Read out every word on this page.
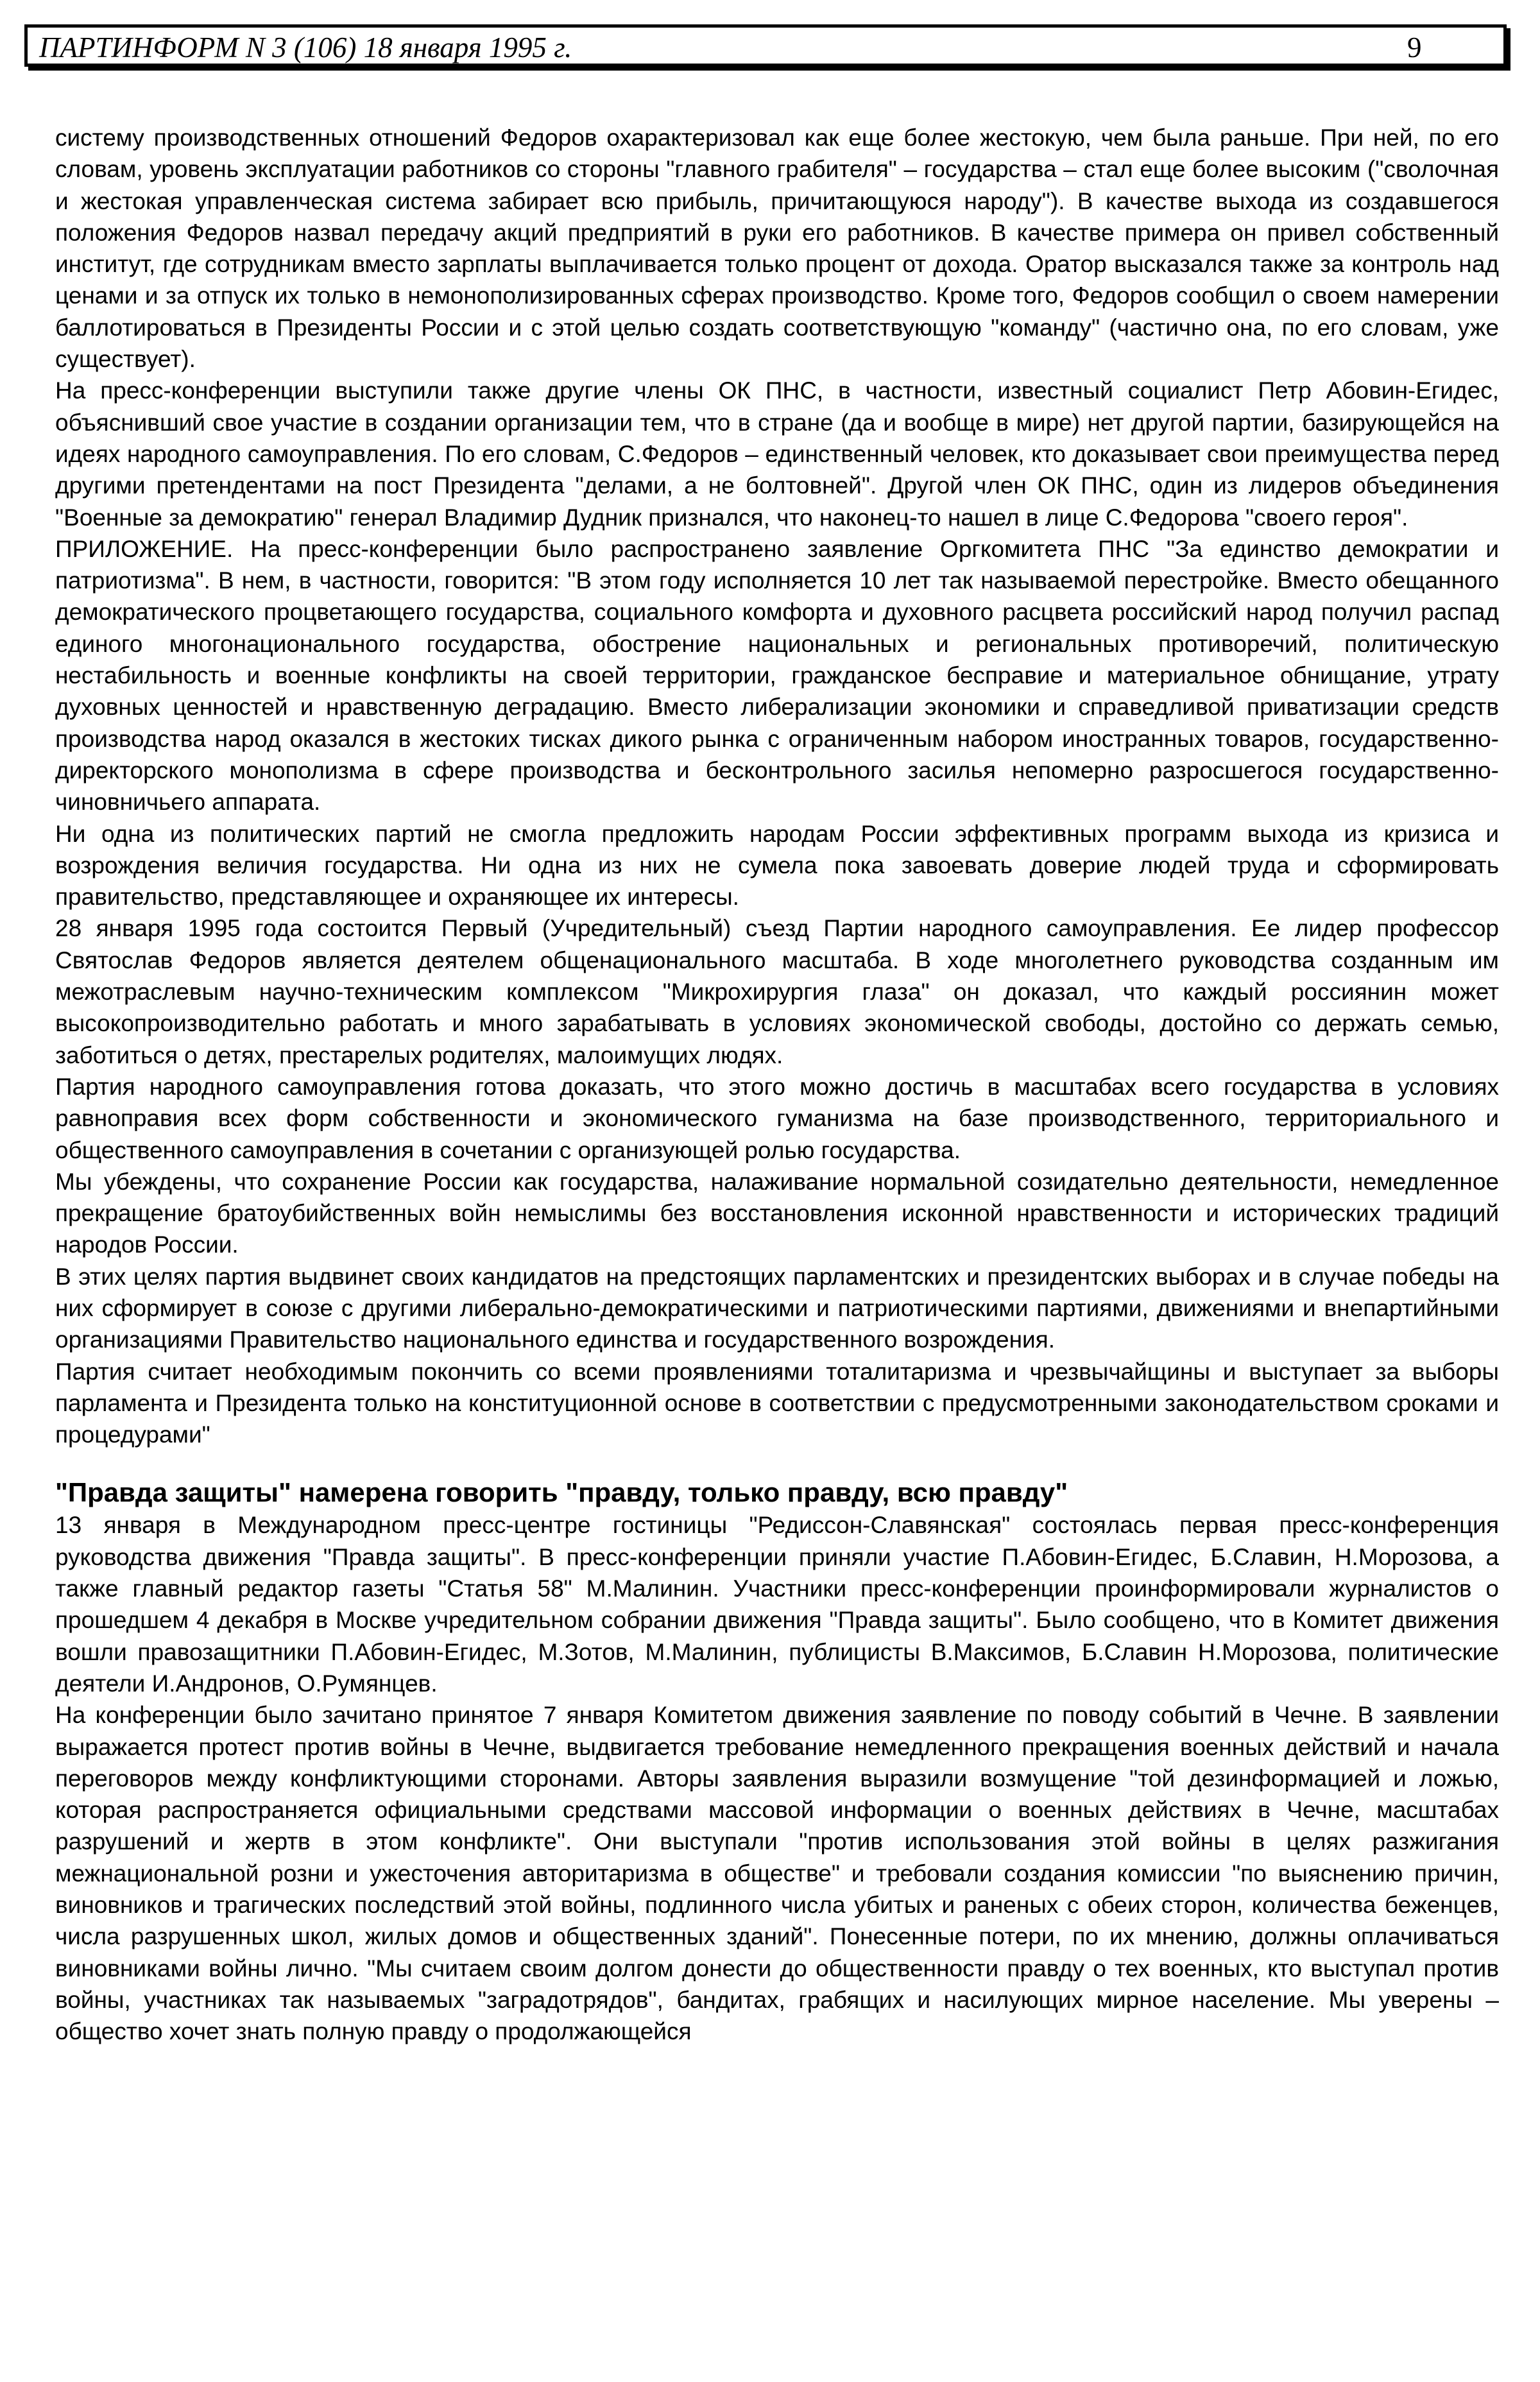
ПАРТИНФОРМ N 3 (106) 18 января 1995 г.	9

системy производственных отношений Федоров охарактеризовал как еще более жестокую, чем была раньше. При ней, по его словам, уровень эксплуатации работников со стороны "главного грабителя" – государства – стал еще более высоким ("сволочная и жестокая управленческая система забирает всю прибыль, причитающуюся народу"). В качестве выхода из создавшегося положения Федоров назвал передачу акций предприятий в руки его работников. В качестве примера он привел собственный институт, где сотрудникам вместо зарплаты выплачивается только процент от дохода. Оратор высказался также за контроль над ценами и за отпуск их только в немонополизированных сферах производство. Кроме того, Федоров сообщил о своем намерении баллотироваться в Президенты России и с этой целью создать соответствующую "команду" (частично она, по его словам, уже существует).

На пресс-конференции выступили также другие члены ОК ПНС, в частности, известный социалист Петр Абовин-Егидес, объяснивший свое участие в создании организации тем, что в стране (да и вообще в мире) нет другой партии, базирующейся на идеях народного самоуправления. По его словам, С.Федоров – единственный человек, кто доказывает свои преимущества перед другими претендентами на пост Президента "делами, а не болтовней". Другой член ОК ПНС, один из лидеров объединения "Военные за демократию" генерал Владимир Дудник признался, что наконец-то нашел в лице С.Федорова "своего героя".

ПРИЛОЖЕНИЕ. На пресс-конференции было распространено заявление Оргкомитета ПНС "За единство демократии и патриотизма". В нем, в частности, говорится: "В этом году исполняется 10 лет так называемой перестройке. Вместо обещанного демократического процветающего государства, социального комфорта и духовного расцвета российский народ получил распад единого многонационального государства, обострение национальных и региональных противоречий, политическую нестабильность и военные конфликты на своей территории, гражданское бесправие и материальное обнищание, утрату духовных ценностей и нравственную деградацию. Вместо либерализации экономики и справедливой приватизации средств производства народ оказался в жестоких тисках дикого рынка с ограниченным набором иностранных товаров, государственно-директорского монополизма в сфере производства и бесконтрольного засилья непомерно разросшегося государственно-чиновничьего аппарата.

Ни одна из политических партий не смогла предложить народам России эффективных программ выхода из кризиса и возрождения величия государства. Ни одна из них не сумела пока завоевать доверие людей труда и сформировать правительство, представляющее и охраняющее их интересы.

28 января 1995 года состоится Первый (Учредительный) съезд Партии народного самоуправления. Ее лидер профессор Святослав Федоров является деятелем общенационального масштаба. В ходе многолетнего руководства созданным им межотраслевым научно-техническим комплексом "Микрохирургия глаза" он доказал, что каждый россиянин может высокопроизводительно работать и много зарабатывать в условиях экономической свободы, достойно со держать семью, заботиться о детях, престарелых родителях, малоимущих людях.

Партия народного самоуправления готова доказать, что этого можно достичь в масштабах всего государства в условиях равноправия всех форм собственности и экономического гуманизма на базе производственного, территориального и общественного самоуправления в сочетании с организующей ролью государства.

Мы убеждены, что сохранение России как государства, налаживание нормальной созидательно деятельности, немедленное прекращение братоубийственных войн немыслимы без восстановления исконной нравственности и исторических традиций народов России.

В этих целях партия выдвинет своих кандидатов на предстоящих парламентских и президентских выборах и в случае победы на них сформирует в союзе с другими либерально-демократическими и патриотическими партиями, движениями и внепартийными организациями Правительство национального единства и государственного возрождения.

Партия считает необходимым покончить со всеми проявлениями тоталитаризма и чрезвычайщины и выступает за выборы парламента и Президента только на конституционной основе в соответствии с предусмотренными законодательством сроками и процедурами"

"Правда защиты" намерена говорить "правду, только правду, всю правду"

13 января в Международном пресс-центре гостиницы "Редиссон-Славянская" состоялась первая пресс-конференция руководства движения "Правда защиты". В пресс-конференции приняли участие П.Абовин-Егидес, Б.Славин, Н.Морозова, а также главный редактор газеты "Статья 58" М.Малинин. Участники пресс-конференции проинформировали журналистов о прошедшем 4 декабря в Москве учредительном собрании движения "Правда защиты". Было сообщено, что в Комитет движения вошли правозащитники П.Абовин-Егидес, М.Зотов, М.Малинин, публицисты В.Максимов, Б.Славин Н.Морозова, политические деятели И.Андронов, О.Румянцев.

На конференции было зачитано принятое 7 января Комитетом движения заявление по поводу событий в Чечне. В заявлении выражается протест против войны в Чечне, выдвигается требование немедленного прекращения военных действий и начала переговоров между конфликтующими сторонами. Авторы заявления выразили возмущение "той дезинформацией и ложью, которая распространяется официальными средствами массовой информации о военных действиях в Чечне, масштабах разрушений и жертв в этом конфликте". Они выступали "против использования этой войны в целях разжигания межнациональной розни и ужесточения авторитаризма в обществе" и требовали создания комиссии "по выяснению причин, виновников и трагических последствий этой войны, подлинного числа убитых и раненых с обеих сторон, количества беженцев, числа разрушенных школ, жилых домов и общественных зданий". Понесенные потери, по их мнению, должны оплачиваться виновниками войны лично. "Мы считаем своим долгом донести до общественности правду о тех военных, кто выступал против войны, участниках так называемых "заградотрядов", бандитах, грабящих и насилующих мирное население. Мы уверены – общество хочет знать полную правду о продолжающейся
